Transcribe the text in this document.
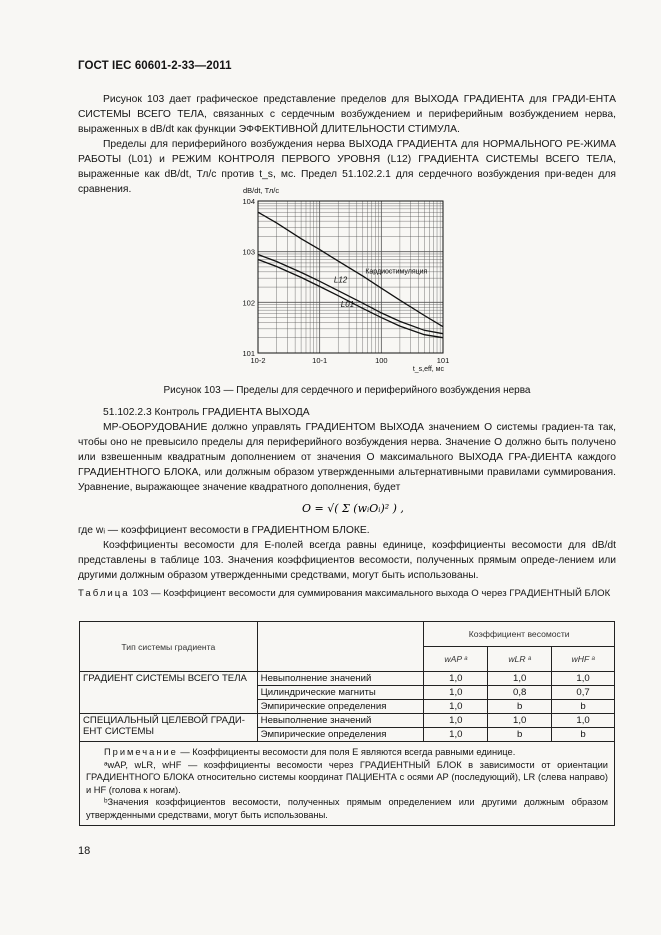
ГОСТ IEC 60601-2-33—2011

Рисунок 103 дает графическое представление пределов для ВЫХОДА ГРАДИЕНТА для ГРАДИ-ЕНТА СИСТЕМЫ ВСЕГО ТЕЛА, связанных с сердечным возбуждением и периферийным возбуждением нерва, выраженных в dB/dt как функции ЭФФЕКТИВНОЙ ДЛИТЕЛЬНОСТИ СТИМУЛА.

Пределы для периферийного возбуждения нерва ВЫХОДА ГРАДИЕНТА для НОРМАЛЬНОГО РЕ-ЖИМА РАБОТЫ (L01) и РЕЖИМ КОНТРОЛЯ ПЕРВОГО УРОВНЯ (L12) ГРАДИЕНТА СИСТЕМЫ ВСЕГО ТЕЛА, выраженные как dB/dt, Тл/с против t_s, мс. Предел 51.102.2.1 для сердечного возбуждения при-веден для сравнения.

101
102
103
104
10-2	10-1	100	101
dB/dt, Тл/с
t_s,eff, мс
Кардиостимуляция
L12
L01
Рисунок 103 — Пределы для сердечного и периферийного возбуждения нерва

51.102.2.3 Контроль ГРАДИЕНТА ВЫХОДА

МР-ОБОРУДОВАНИЕ должно управлять ГРАДИЕНТОМ ВЫХОДА значением O системы градиен-та так, чтобы оно не превысило пределы для периферийного возбуждения нерва. Значение O должно быть получено или взвешенным квадратным дополнением от значения O максимального ВЫХОДА ГРА-ДИЕНТА каждого ГРАДИЕНТНОГО БЛОКА, или должным образом утвержденными альтернативными правилами суммирования. Уравнение, выражающее значение квадратного дополнения, будет

O = √( Σ (wᵢOᵢ)² ) ,

где wᵢ — коэффициент весомости в ГРАДИЕНТНОМ БЛОКЕ.

Коэффициенты весомости для E-полей всегда равны единице, коэффициенты весомости для dB/dt представлены в таблице 103. Значения коэффициентов весомости, полученных прямым опреде-лением или другими должным образом утвержденными средствами, могут быть использованы.

Таблица 103 — Коэффициент весомости для суммирования максимального выхода O через ГРАДИЕНТНЫЙ БЛОК
Тип системы градиента		Коэффициент весомости		
		wAP ᵃ	wLR ᵃ	wHF ᵃ
ГРАДИЕНТ СИСТЕМЫ ВСЕГО ТЕЛА	Невыполнение значений	1,0	1,0	1,0
	Цилиндрические магниты	1,0	0,8	0,7
	Эмпирические определения	1,0	b	b
СПЕЦИАЛЬНЫЙ ЦЕЛЕВОЙ ГРАДИ-ЕНТ СИСТЕМЫ	Невыполнение значений	1,0	1,0	1,0
	Эмпирические определения	1,0	b	b

Примечание — Коэффициенты весомости для поля E являются всегда равными единице.

ᵃwAP, wLR, wHF — коэффициенты весомости через ГРАДИЕНТНЫЙ БЛОК в зависимости от ориентации ГРАДИЕНТНОГО БЛОКА относительно системы координат ПАЦИЕНТА с осями AP (последующий), LR (слева направо) и HF (голова к ногам).

ᵇЗначения коэффициентов весомости, полученных прямым определением или другими должным образом утвержденными средствами, могут быть использованы.				

18
